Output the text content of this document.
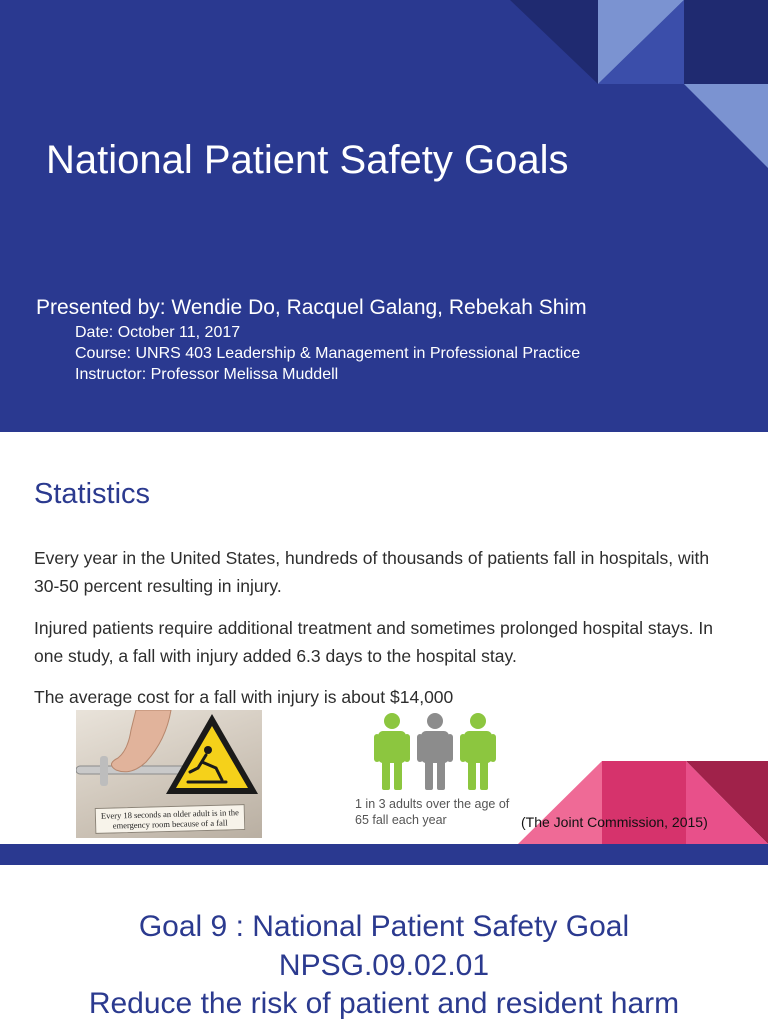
National Patient Safety Goals
Presented by: Wendie Do, Racquel Galang, Rebekah Shim
Date: October 11, 2017
Course: UNRS 403 Leadership & Management in Professional Practice
Instructor: Professor Melissa Muddell
Statistics
Every year in the United States, hundreds of thousands of patients fall in hospitals, with 30-50 percent resulting in injury.
Injured patients require additional treatment and sometimes prolonged hospital stays. In one study, a fall with injury added 6.3 days to the hospital stay.
The average cost for a fall with injury is about $14,000
Every 18 seconds an older adult is in the emergency room because of a fall
1 in 3 adults over the age of 65 fall each year	(The Joint Commission, 2015)
Goal 9 : National Patient Safety Goal
NPSG.09.02.01
Reduce the risk of patient and resident harm
